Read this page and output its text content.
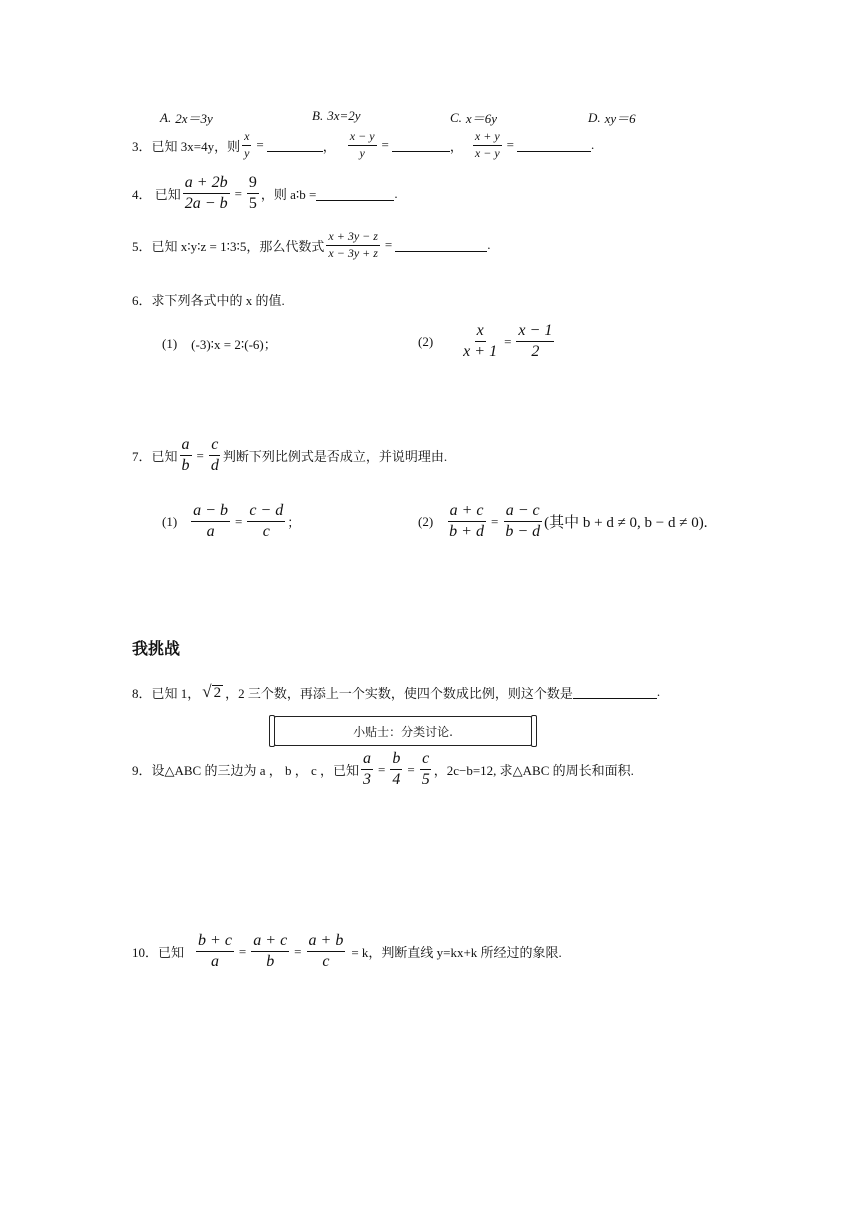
A. 2x＝3y	B. 3x=2y	C. x＝6y	D. xy＝6
3．已知 3x=4y，则 $\frac{x}{y}$ =	， $\frac{x - y}{y}$ =	， $\frac{x + y}{x - y}$ =	.
4． 已知 $\frac{a + 2b}{2a - b} = \frac{9}{5}$ ，则 a∶b =	.
5．已知 x∶y∶z = 1∶3∶5，那么代数式 $\frac{x + 3y - z}{x - 3y + z}$ =	.
6．求下列各式中的 x 的值.
(1) (-3)∶x = 2∶(-6)；	$(2) \frac{x}{x + 1} = \frac{x - 1}{2}$
7．已知 $\frac{a}{b} = \frac{c}{d}$ 判断下列比例式是否成立，并说明理由.
$(1) \frac{a - b}{a} = \frac{c - d}{c}$ ；	$(2) \frac{a + c}{b + d} = \frac{a - c}{b - d}$ (其中 b + d ≠ 0, b − d ≠ 0).
我挑战
8．已知 1， √ 2 ，2 三个数，再添上一个实数，使四个数成比例，则这个数是	.
小贴士：分类讨论.
9．设△ABC 的三边为 a ， b ， c ，已知 $\frac{a}{3} = \frac{b}{4} = \frac{c}{5}$ ，2c−b=12, 求△ABC 的周长和面积.
10．已知 $\frac{b + c}{a} = \frac{a + c}{b} = \frac{a + b}{c} = k$，判断直线 y=kx+k 所经过的象限.
